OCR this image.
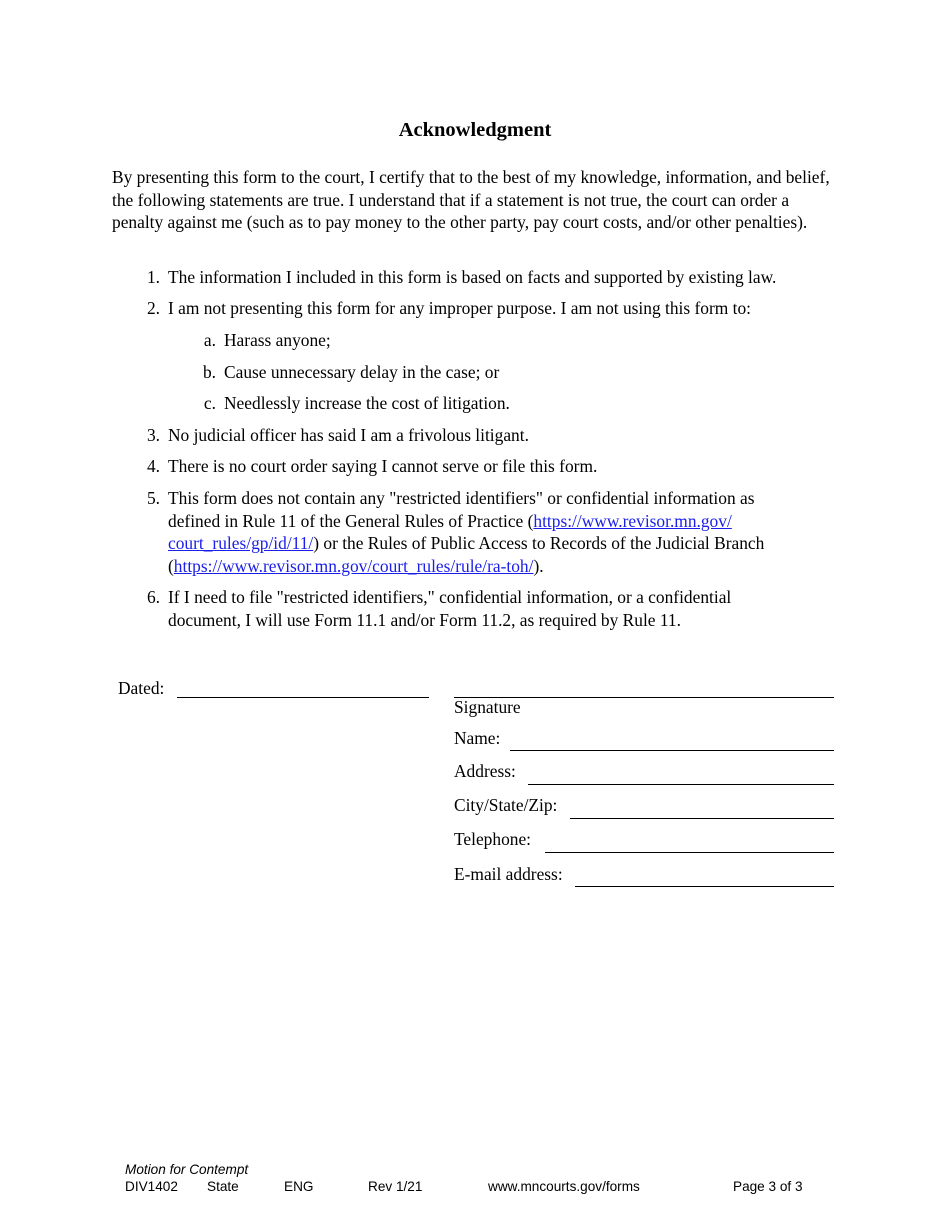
Acknowledgment
By presenting this form to the court, I certify that to the best of my knowledge, information, and belief, the following statements are true. I understand that if a statement is not true, the court can order a penalty against me (such as to pay money to the other party, pay court costs, and/or other penalties).
1. The information I included in this form is based on facts and supported by existing law.
2. I am not presenting this form for any improper purpose. I am not using this form to:
a. Harass anyone;
b. Cause unnecessary delay in the case; or
c. Needlessly increase the cost of litigation.
3. No judicial officer has said I am a frivolous litigant.
4. There is no court order saying I cannot serve or file this form.
5. This form does not contain any "restricted identifiers" or confidential information as
defined in Rule 11 of the General Rules of Practice (https://www.revisor.mn.gov/
court_rules/gp/id/11/) or the Rules of Public Access to Records of the Judicial Branch
(https://www.revisor.mn.gov/court_rules/rule/ra-toh/).
6. If I need to file "restricted identifiers," confidential information, or a confidential
document, I will use Form 11.1 and/or Form 11.2, as required by Rule 11.
Dated:
Signature
Name:
Address:
City/State/Zip:
Telephone:
E-mail address:
Motion for Contempt
DIV1402 State	ENG	Rev 1/21	www.mncourts.gov/forms	Page 3 of 3
